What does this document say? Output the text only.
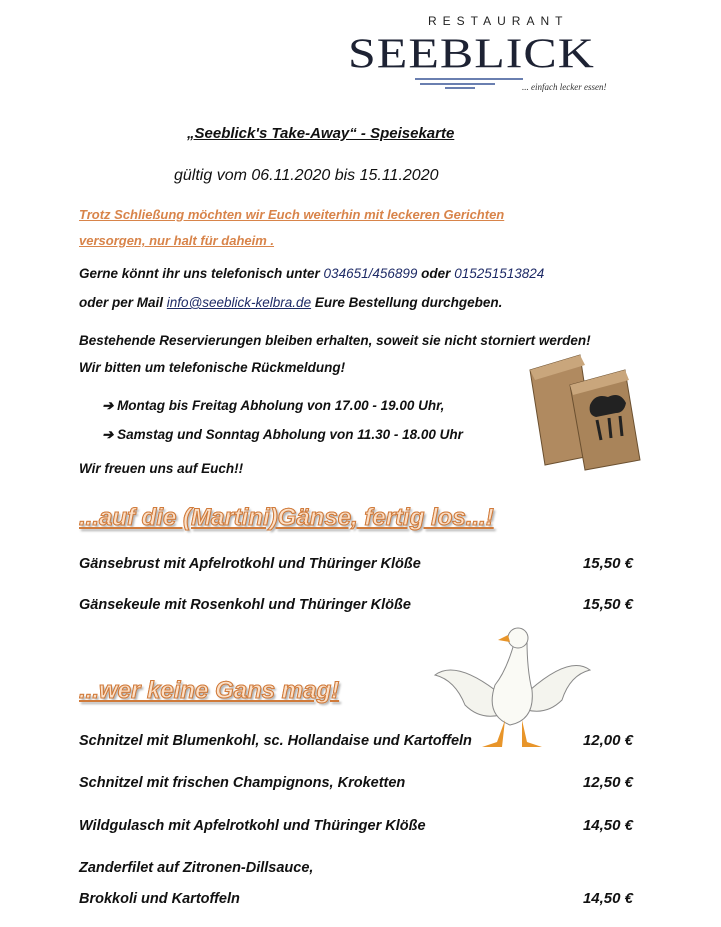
RESTAURANT
SEEBLICK
... einfach lecker essen!
„Seeblick's Take-Away“ - Speisekarte
gültig vom 06.11.2020 bis 15.11.2020
Trotz Schließung möchten wir Euch weiterhin mit leckeren Gerichten
versorgen, nur halt für daheim .
Gerne könnt ihr uns telefonisch unter 034651/456899 oder 015251513824
oder per Mail info@seeblick-kelbra.de Eure Bestellung durchgeben.
Bestehende Reservierungen bleiben erhalten, soweit sie nicht storniert werden!
Wir bitten um telefonische Rückmeldung!
➔ Montag bis Freitag Abholung von 17.00 - 19.00 Uhr,
➔ Samstag und Sonntag Abholung von 11.30 - 18.00 Uhr
Wir freuen uns auf Euch!!
...auf die (Martini)Gänse, fertig los...!
Gänsebrust mit Apfelrotkohl und Thüringer Klöße	15,50 €
Gänsekeule mit Rosenkohl und Thüringer Klöße	15,50 €
...wer keine Gans mag!
Schnitzel mit Blumenkohl, sc. Hollandaise und Kartoffeln	12,00 €
Schnitzel mit frischen Champignons, Kroketten	12,50 €
Wildgulasch mit Apfelrotkohl und Thüringer Klöße	14,50 €
Zanderfilet auf Zitronen-Dillsauce,
Brokkoli und Kartoffeln	14,50 €
